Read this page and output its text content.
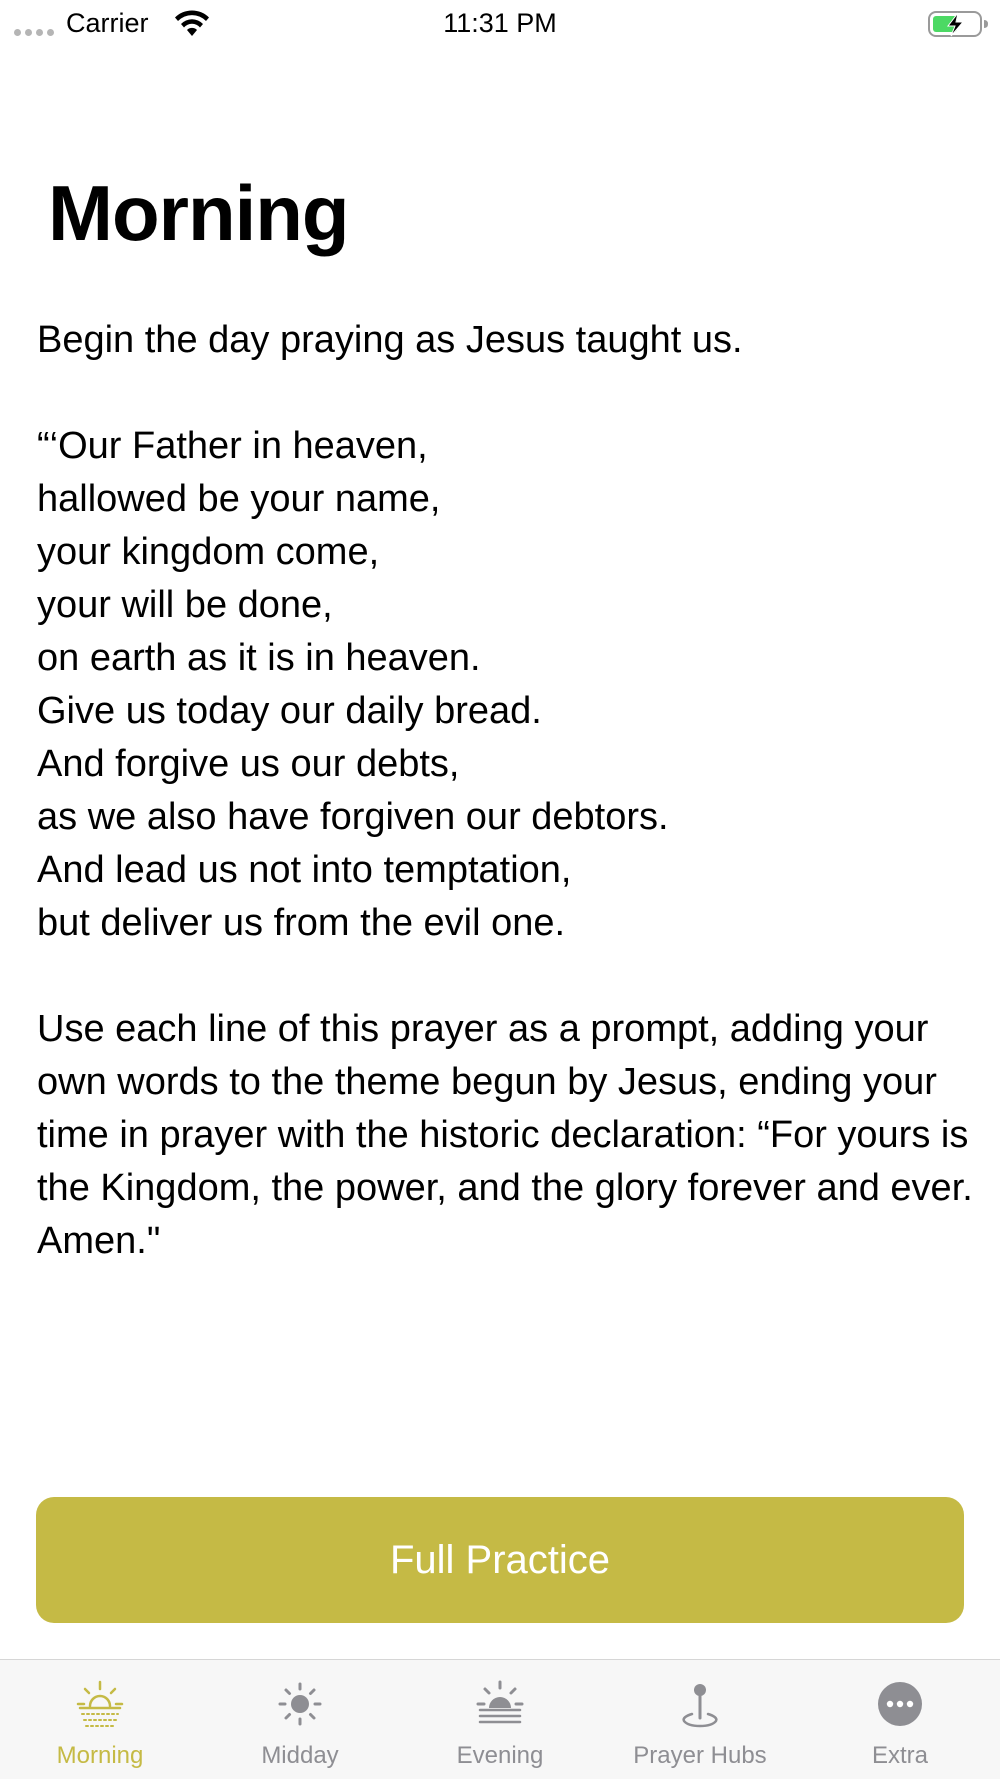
Carrier	11:31 PM
Morning

Begin the day praying as Jesus taught us.

“‘Our Father in heaven,

hallowed be your name,

your kingdom come,

your will be done,

on earth as it is in heaven.

Give us today our daily bread.

And forgive us our debts,

as we also have forgiven our debtors.

And lead us not into temptation,

but deliver us from the evil one.

Use each line of this prayer as a prompt, adding your own words to the theme begun by Jesus, ending your time in prayer with the historic declaration: “For yours is the Kingdom, the power, and the glory forever and ever. Amen."

Full Practice
Morning	Midday	Evening	Prayer Hubs	Extra
